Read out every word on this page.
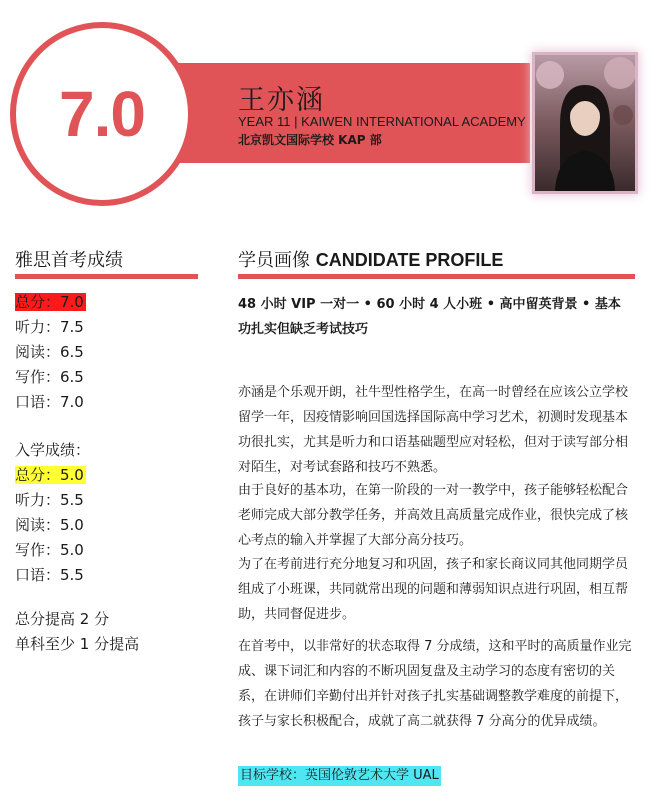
7.0	王亦涵
YEAR 11 | KAIWEN INTERNATIONAL ACADEMY
北京凯文国际学校 KAP 部
雅思首考成绩	学员画像 CANDIDATE PROFILE
总分：7.0
听力：7.5
阅读：6.5
写作：6.5
口语：7.0
入学成绩：
总分：5.0
听力：5.5
阅读：5.0
写作：5.0
口语：5.5
总分提高 2 分
单科至少 1 分提高
48 小时 VIP 一对一 • 60 小时 4 人小班 • 高中留英背景 • 基本功扎实但缺乏考试技巧
亦涵是个乐观开朗，社牛型性格学生，在高一时曾经在应该公立学校留学一年，因疫情影响回国选择国际高中学习艺术，初测时发现基本功很扎实，尤其是听力和口语基础题型应对轻松，但对于读写部分相对陌生，对考试套路和技巧不熟悉。
由于良好的基本功，在第一阶段的一对一教学中，孩子能够轻松配合老师完成大部分教学任务，并高效且高质量完成作业，很快完成了核心考点的输入并掌握了大部分高分技巧。
为了在考前进行充分地复习和巩固，孩子和家长商议同其他同期学员组成了小班课，共同就常出现的问题和薄弱知识点进行巩固，相互帮助，共同督促进步。
在首考中，以非常好的状态取得 7 分成绩，这和平时的高质量作业完成、课下词汇和内容的不断巩固复盘及主动学习的态度有密切的关系，在讲师们辛勤付出并针对孩子扎实基础调整教学难度的前提下，孩子与家长积极配合，成就了高二就获得 7 分高分的优异成绩。
目标学校：英国伦敦艺术大学 UAL
